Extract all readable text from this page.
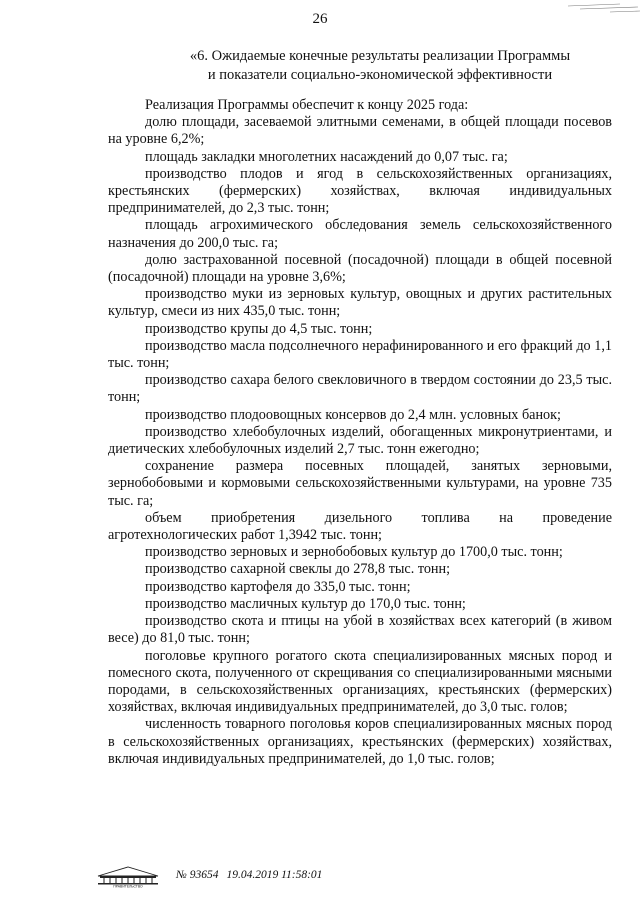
26
«6. Ожидаемые конечные результаты реализации Программы
и показатели социально-экономической эффективности

Реализация Программы обеспечит к концу 2025 года:

долю площади, засеваемой элитными семенами, в общей площади посевов на уровне 6,2%;

площадь закладки многолетних насаждений до 0,07 тыс. га;

производство плодов и ягод в сельскохозяйственных организациях, крестьянских (фермерских) хозяйствах, включая индивидуальных предпринимателей, до 2,3 тыс. тонн;

площадь агрохимического обследования земель сельскохозяйственного назначения до 200,0 тыс. га;

долю застрахованной посевной (посадочной) площади в общей посевной (посадочной) площади на уровне 3,6%;

производство муки из зерновых культур, овощных и других растительных культур, смеси из них 435,0 тыс. тонн;

производство крупы до 4,5 тыс. тонн;

производство масла подсолнечного нерафинированного и его фракций до 1,1 тыс. тонн;

производство сахара белого свекловичного в твердом состоянии до 23,5 тыс. тонн;

производство плодоовощных консервов до 2,4 млн. условных банок;

производство хлебобулочных изделий, обогащенных микронутриентами, и диетических хлебобулочных изделий 2,7 тыс. тонн ежегодно;

сохранение размера посевных площадей, занятых зерновыми, зернобобовыми и кормовыми сельскохозяйственными культурами, на уровне 735 тыс. га;

объем приобретения дизельного топлива на проведение агротехнологических работ 1,3942 тыс. тонн;

производство зерновых и зернобобовых культур до 1700,0 тыс. тонн;

производство сахарной свеклы до 278,8 тыс. тонн;

производство картофеля до 335,0 тыс. тонн;

производство масличных культур до 170,0 тыс. тонн;

производство скота и птицы на убой в хозяйствах всех категорий (в живом весе) до 81,0 тыс. тонн;

поголовье крупного рогатого скота специализированных мясных пород и помесного скота, полученного от скрещивания со специализированными мясными породами, в сельскохозяйственных организациях, крестьянских (фермерских) хозяйствах, включая индивидуальных предпринимателей, до 3,0 тыс. голов;

численность товарного поголовья коров специализированных мясных пород в сельскохозяйственных организациях, крестьянских (фермерских) хозяйствах, включая индивидуальных предпринимателей, до 1,0 тыс. голов;

ПРАВИТЕЛЬСТВО
№ 93654 19.04.2019 11:58:01
